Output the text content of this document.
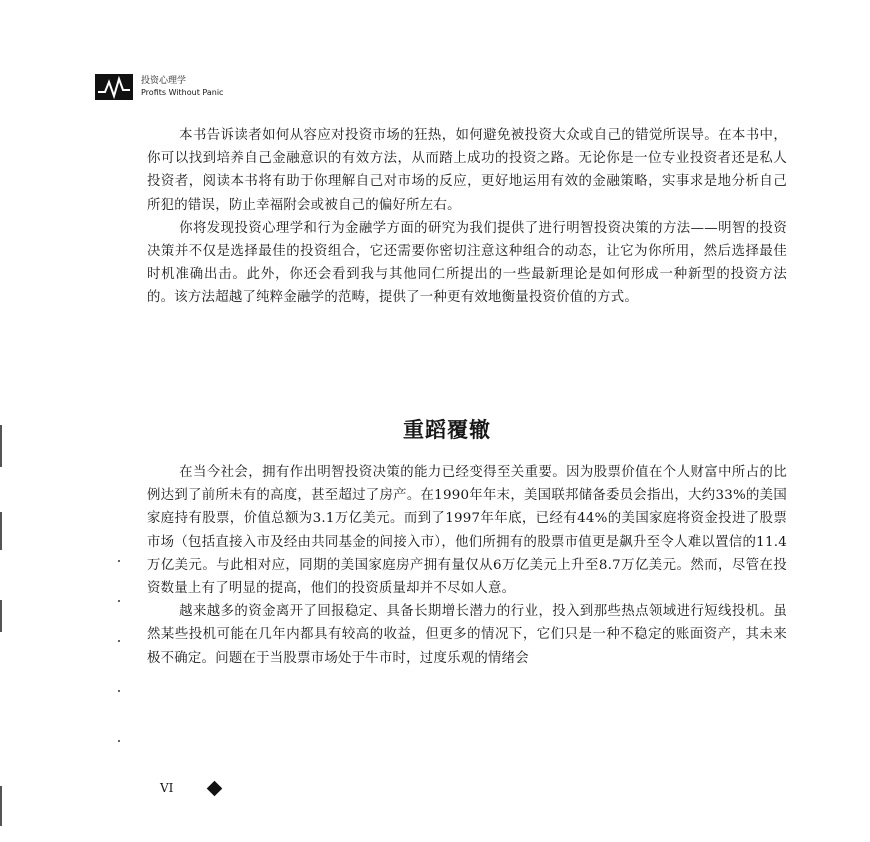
投资心理学
Profits Without Panic

本书告诉读者如何从容应对投资市场的狂热，如何避免被投资大众或自己的错觉所误导。在本书中，你可以找到培养自己金融意识的有效方法，从而踏上成功的投资之路。无论你是一位专业投资者还是私人投资者，阅读本书将有助于你理解自己对市场的反应，更好地运用有效的金融策略，实事求是地分析自己所犯的错误，防止幸福附会或被自己的偏好所左右。

你将发现投资心理学和行为金融学方面的研究为我们提供了进行明智投资决策的方法——明智的投资决策并不仅是选择最佳的投资组合，它还需要你密切注意这种组合的动态，让它为你所用，然后选择最佳时机准确出击。此外，你还会看到我与其他同仁所提出的一些最新理论是如何形成一种新型的投资方法的。该方法超越了纯粹金融学的范畴，提供了一种更有效地衡量投资价值的方式。

重蹈覆辙

在当今社会，拥有作出明智投资决策的能力已经变得至关重要。因为股票价值在个人财富中所占的比例达到了前所未有的高度，甚至超过了房产。在1990年年末，美国联邦储备委员会指出，大约33%的美国家庭持有股票，价值总额为3.1万亿美元。而到了1997年年底，已经有44%的美国家庭将资金投进了股票市场（包括直接入市及经由共同基金的间接入市），他们所拥有的股票市值更是飙升至令人难以置信的11.4万亿美元。与此相对应，同期的美国家庭房产拥有量仅从6万亿美元上升至8.7万亿美元。然而，尽管在投资数量上有了明显的提高，他们的投资质量却并不尽如人意。

越来越多的资金离开了回报稳定、具备长期增长潜力的行业，投入到那些热点领域进行短线投机。虽然某些投机可能在几年内都具有较高的收益，但更多的情况下，它们只是一种不稳定的账面资产，其未来极不确定。问题在于当股票市场处于牛市时，过度乐观的情绪会

VI
